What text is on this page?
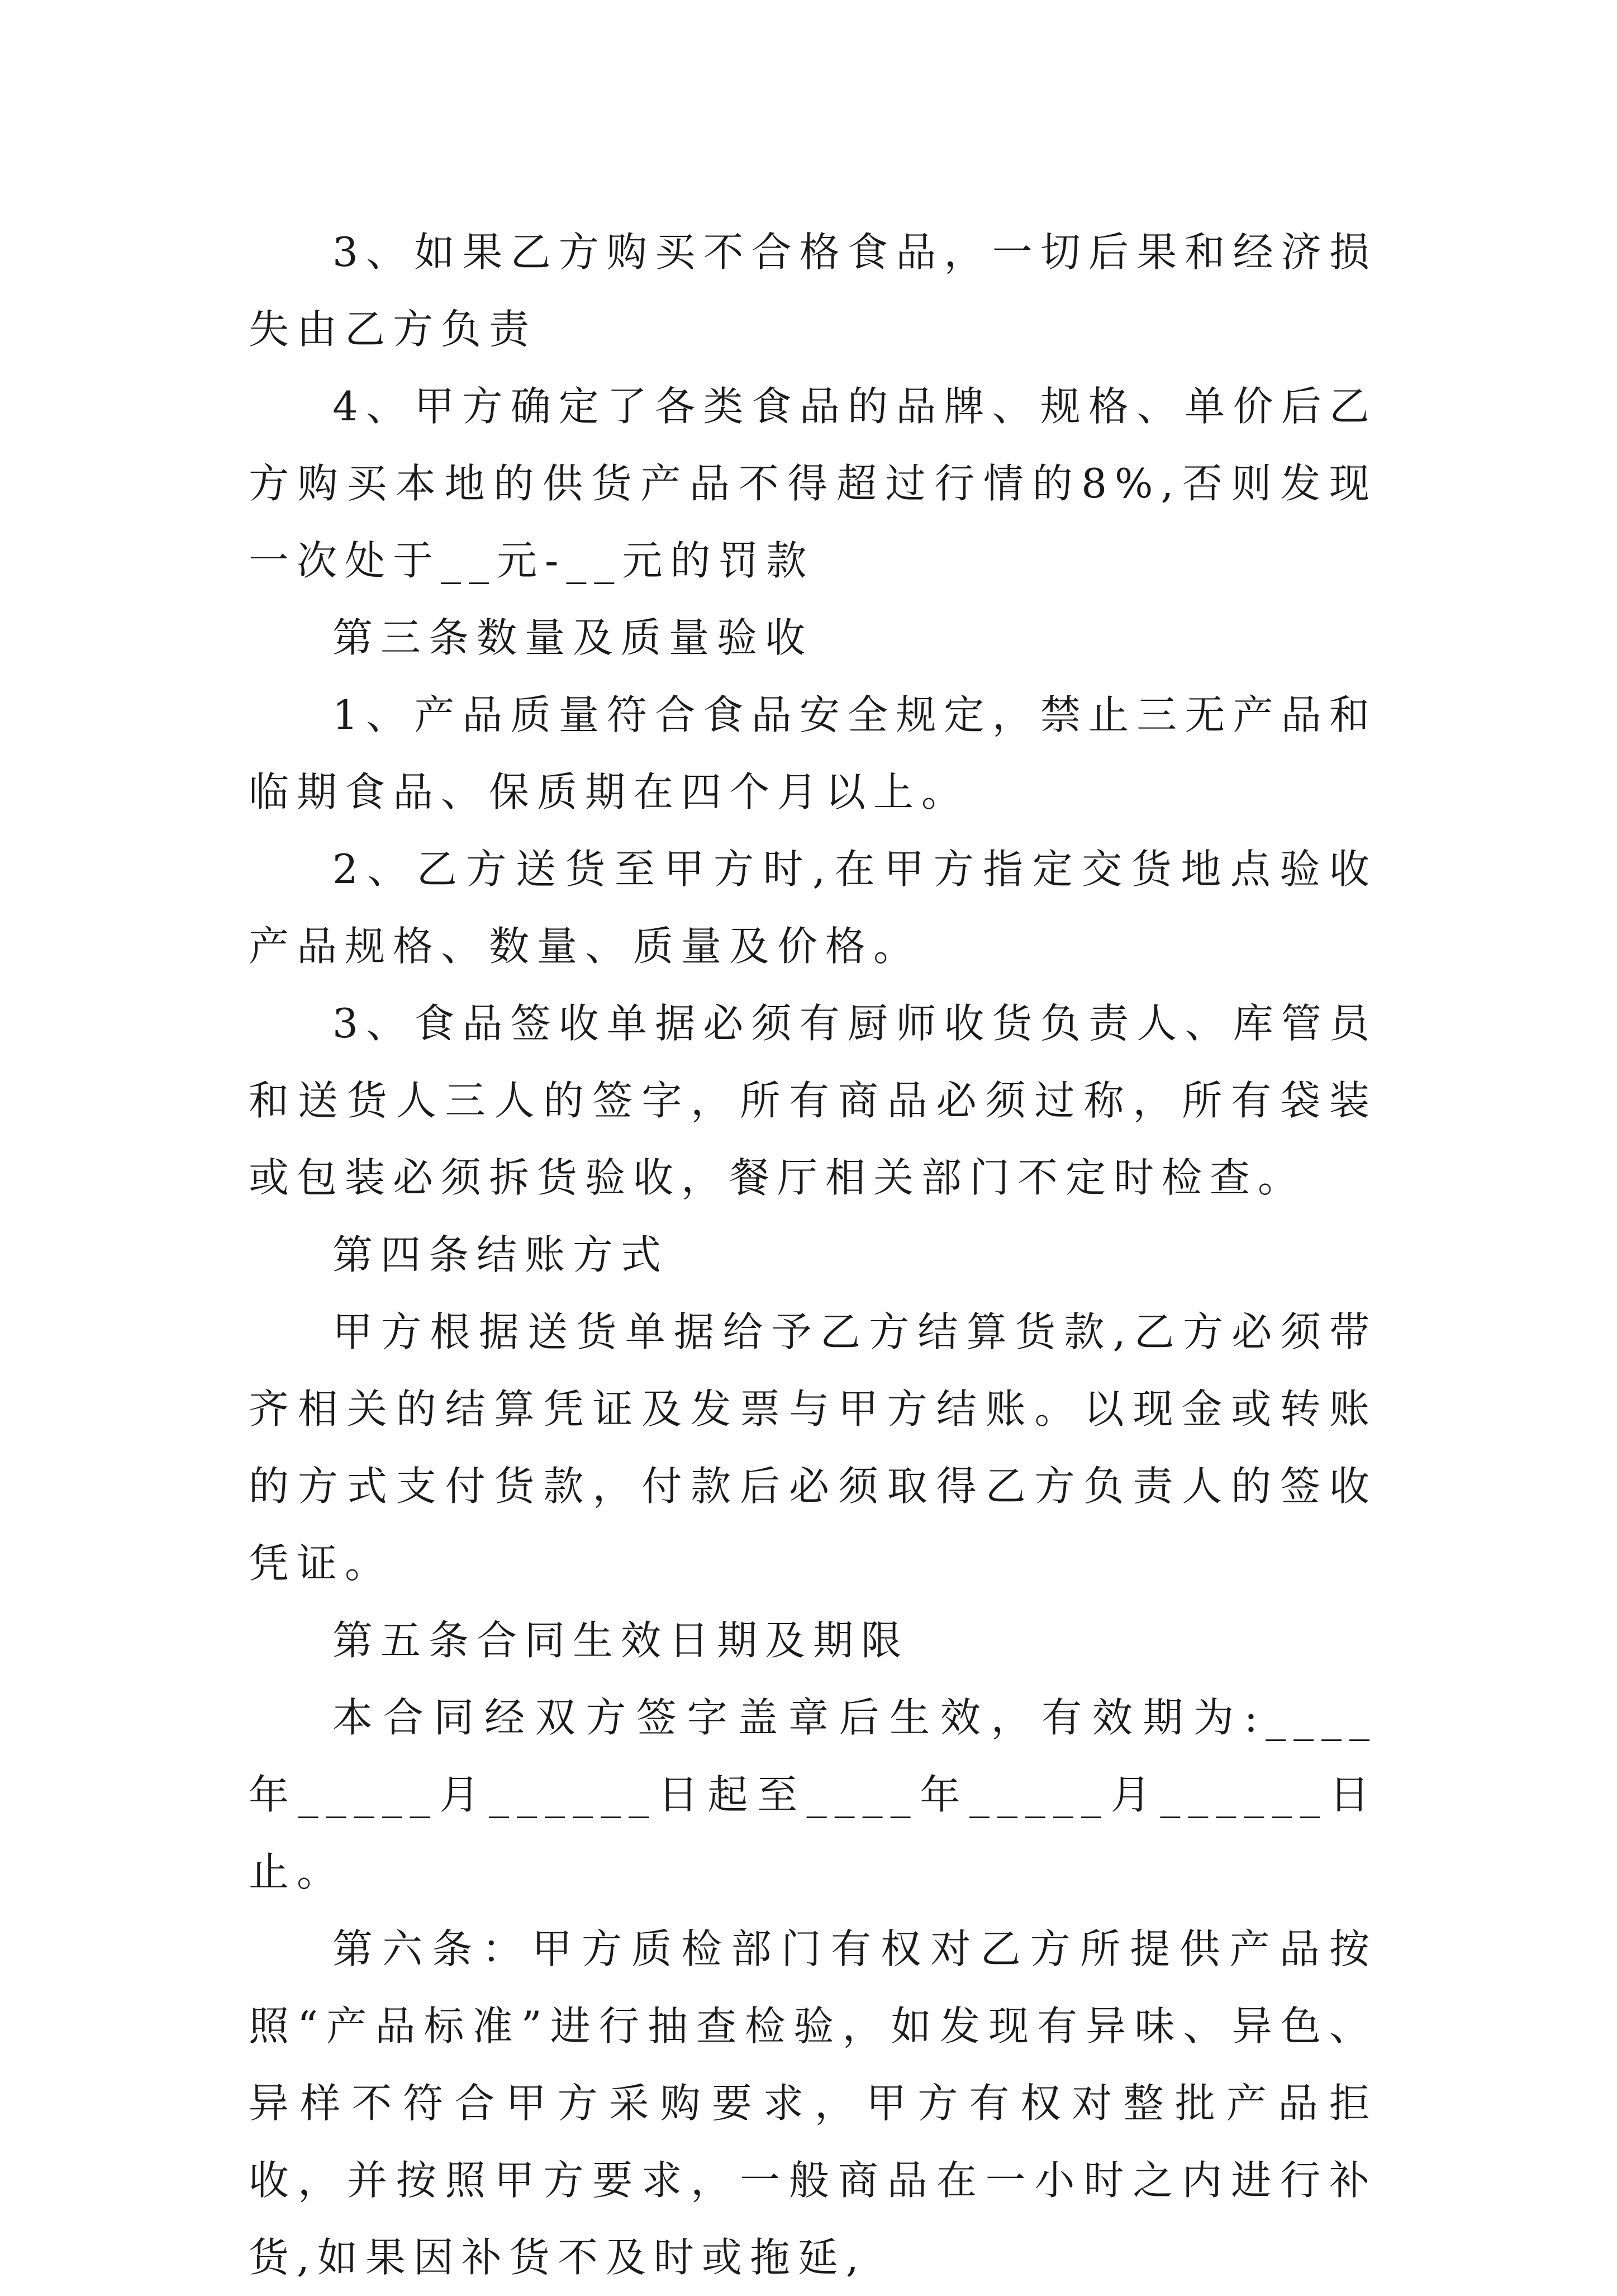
3、如果乙方购买不合格食品，一切后果和经济损失由乙方负责

4、甲方确定了各类食品的品牌、规格、单价后乙方购买本地的供货产品不得超过行情的8%,否则发现一次处于__元-__元的罚款

第三条数量及质量验收

1、产品质量符合食品安全规定，禁止三无产品和临期食品、保质期在四个月以上。

2、乙方送货至甲方时,在甲方指定交货地点验收产品规格、数量、质量及价格。

3、食品签收单据必须有厨师收货负责人、库管员和送货人三人的签字，所有商品必须过称，所有袋装或包装必须拆货验收，餐厅相关部门不定时检查。

第四条结账方式

甲方根据送货单据给予乙方结算货款,乙方必须带齐相关的结算凭证及发票与甲方结账。以现金或转账的方式支付货款，付款后必须取得乙方负责人的签收凭证。

第五条合同生效日期及期限

本合同经双方签字盖章后生效，有效期为:____年_____月______日起至____年_____月______日止。

第六条：甲方质检部门有权对乙方所提供产品按照“产品标准”进行抽查检验，如发现有异味、异色、异样不符合甲方采购要求，甲方有权对整批产品拒收，并按照甲方要求，一般商品在一小时之内进行补货,如果因补货不及时或拖延,
